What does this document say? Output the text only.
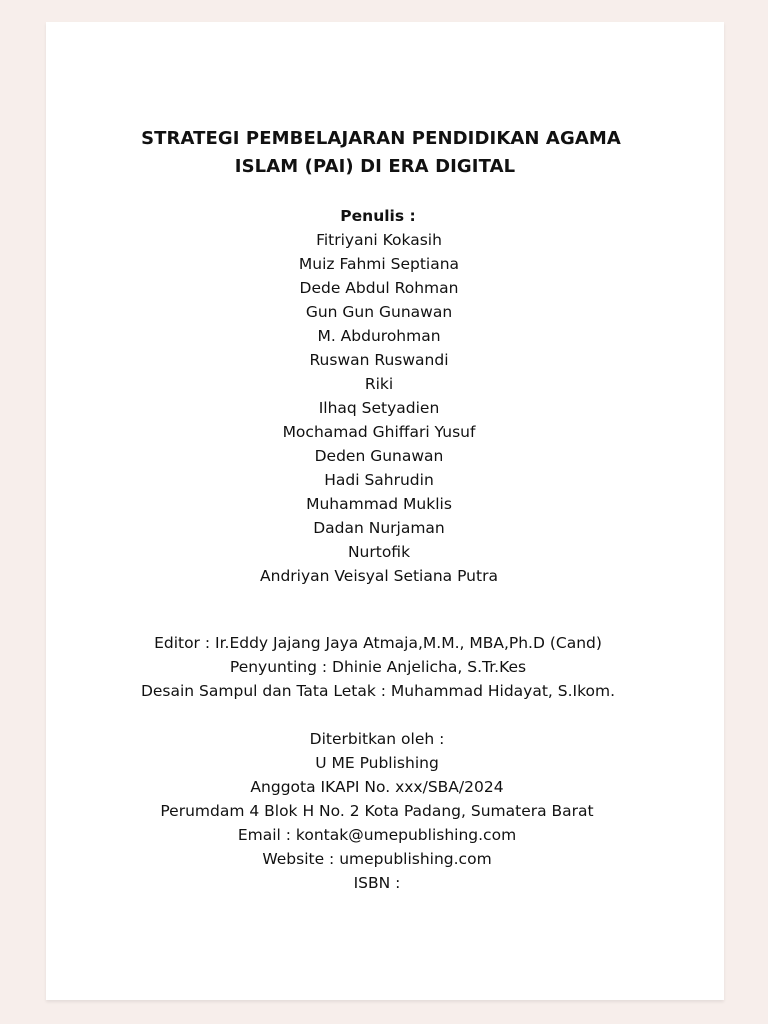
STRATEGI PEMBELAJARAN PENDIDIKAN AGAMA
ISLAM (PAI) DI ERA DIGITAL
Penulis :
Fitriyani Kokasih
Muiz Fahmi Septiana
Dede Abdul Rohman
Gun Gun Gunawan
M. Abdurohman
Ruswan Ruswandi
Riki
Ilhaq Setyadien
Mochamad Ghiffari Yusuf
Deden Gunawan
Hadi Sahrudin
Muhammad Muklis
Dadan Nurjaman
Nurtofik
Andriyan Veisyal Setiana Putra
Editor : Ir.Eddy Jajang Jaya Atmaja,M.M., MBA,Ph.D (Cand)
Penyunting : Dhinie Anjelicha, S.Tr.Kes
Desain Sampul dan Tata Letak : Muhammad Hidayat, S.Ikom.
Diterbitkan oleh :
U ME Publishing
Anggota IKAPI No. xxx/SBA/2024
Perumdam 4 Blok H No. 2 Kota Padang, Sumatera Barat
Email : kontak@umepublishing.com
Website : umepublishing.com
ISBN :
